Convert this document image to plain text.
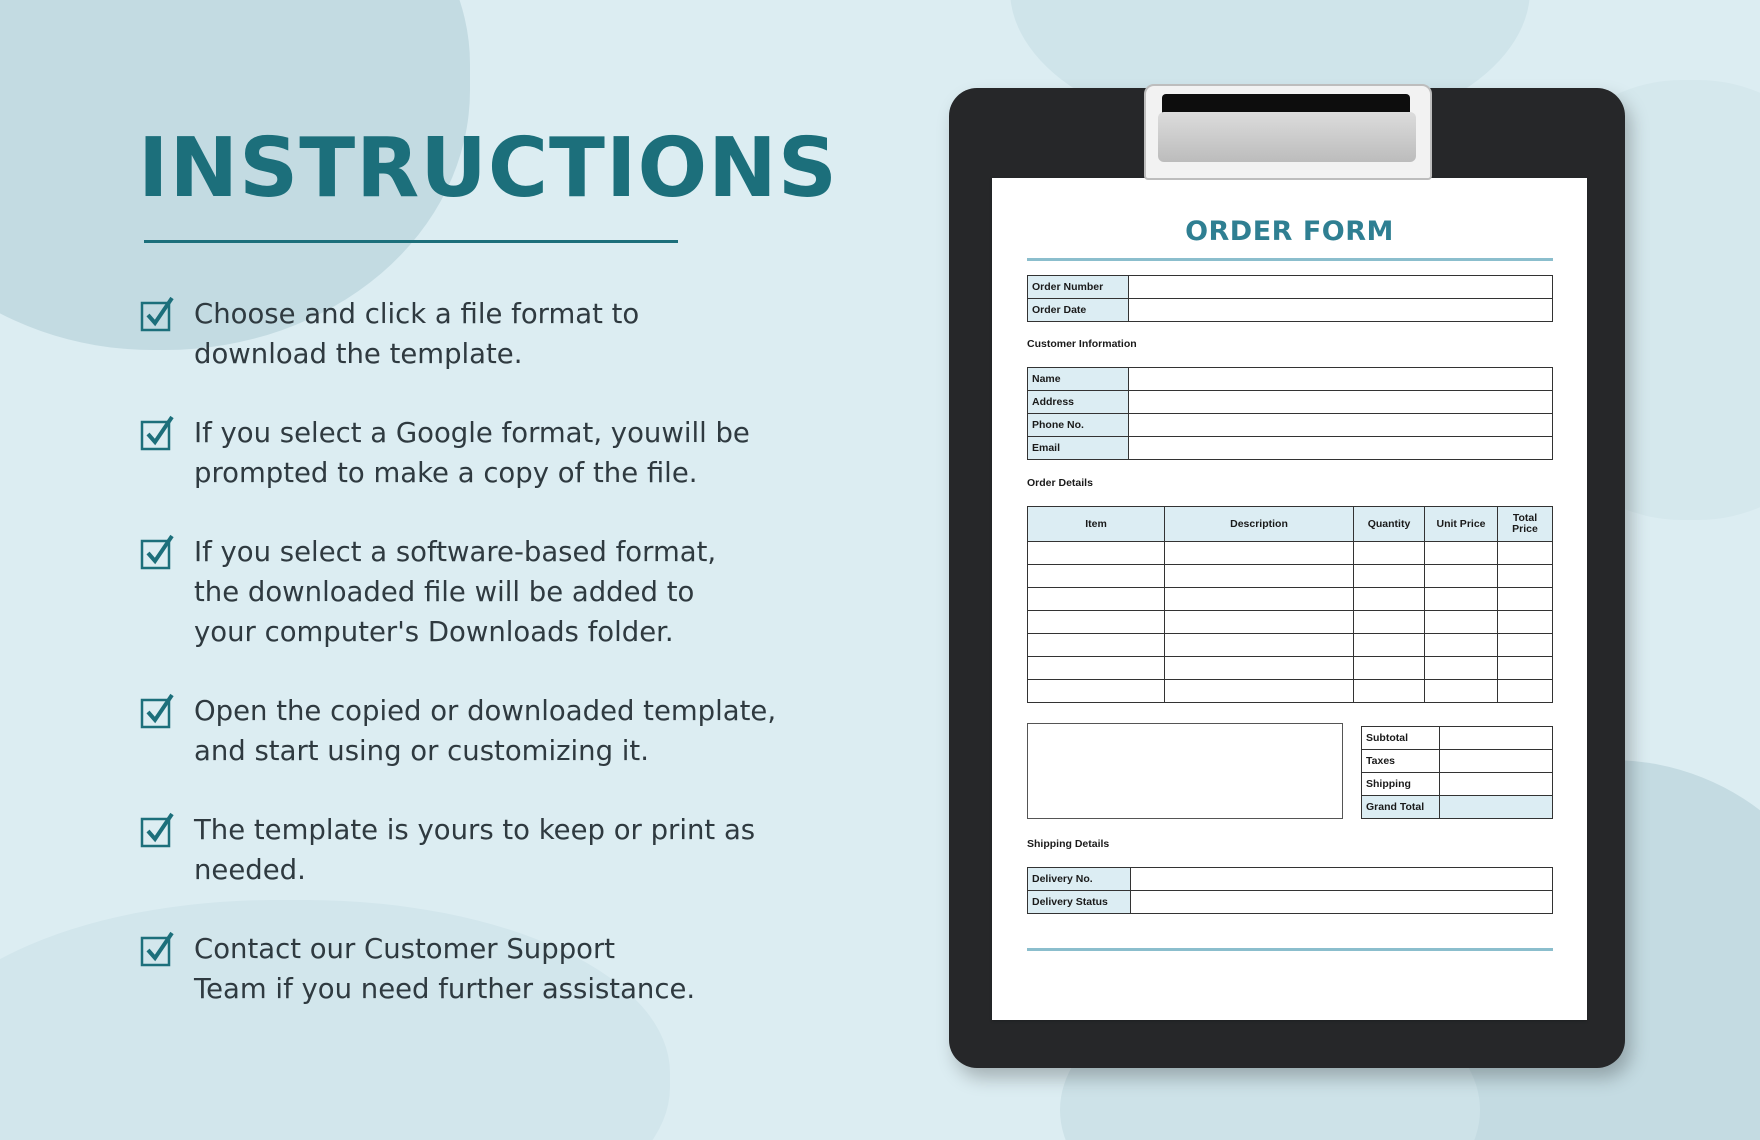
INSTRUCTIONS
Choose and click a file format to
download the template.
If you select a Google format, youwill be
prompted to make a copy of the file.
If you select a software-based format,
the downloaded file will be added to
your computer's Downloads folder.
Open the copied or downloaded template,
and start using or customizing it.
The template is yours to keep or print as
needed.
Contact our Customer Support
Team if you need further assistance.
ORDER FORM
Order Number	
Order Date	
Customer Information
Name	
Address	
Phone No.	
Email	
Order Details
Item	Description	Quantity	Unit Price	Total Price

Subtotal	
Taxes	
Shipping	
Grand Total	
Shipping Details
Delivery No.	
Delivery Status	
